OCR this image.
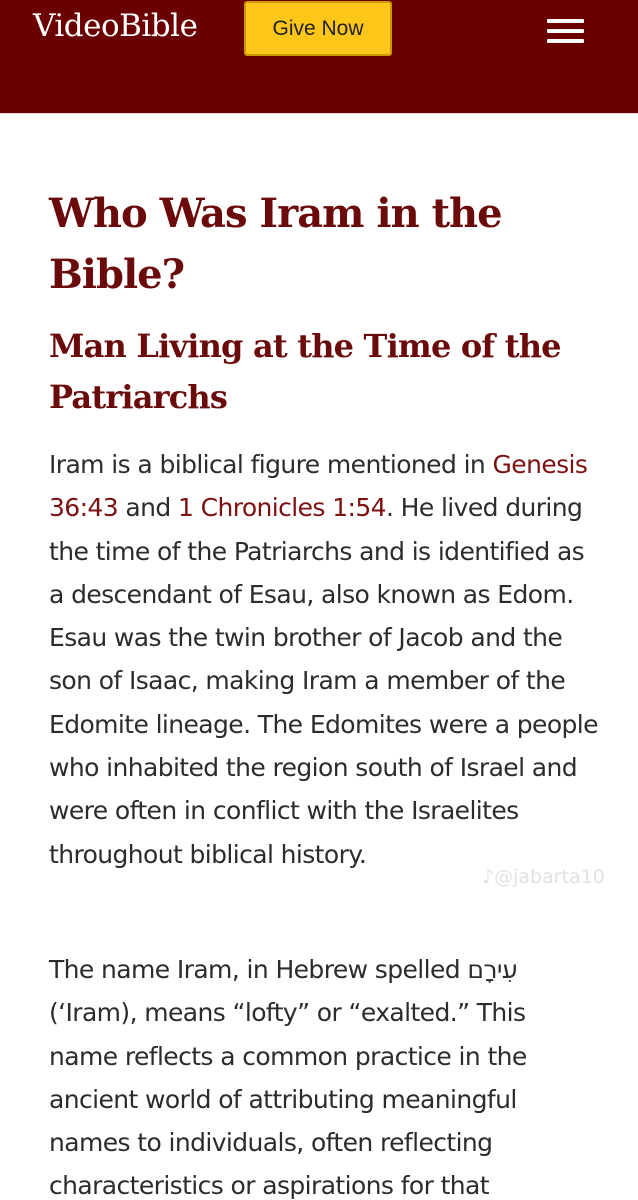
VideoBible	Give Now
Who Was Iram in the Bible?
Man Living at the Time of the Patriarchs

Iram is a biblical figure mentioned in Genesis 36:43 and 1 Chronicles 1:54. He lived during the time of the Patriarchs and is identified as a descendant of Esau, also known as Edom. Esau was the twin brother of Jacob and the son of Isaac, making Iram a member of the Edomite lineage. The Edomites were a people who inhabited the region south of Israel and were often in conflict with the Israelites throughout biblical history.

The name Iram, in Hebrew spelled עִירָם (‘Iram), means “lofty” or “exalted.” This name reflects a common practice in the ancient world of attributing meaningful names to individuals, often reflecting characteristics or aspirations for that

♪@jabarta10
